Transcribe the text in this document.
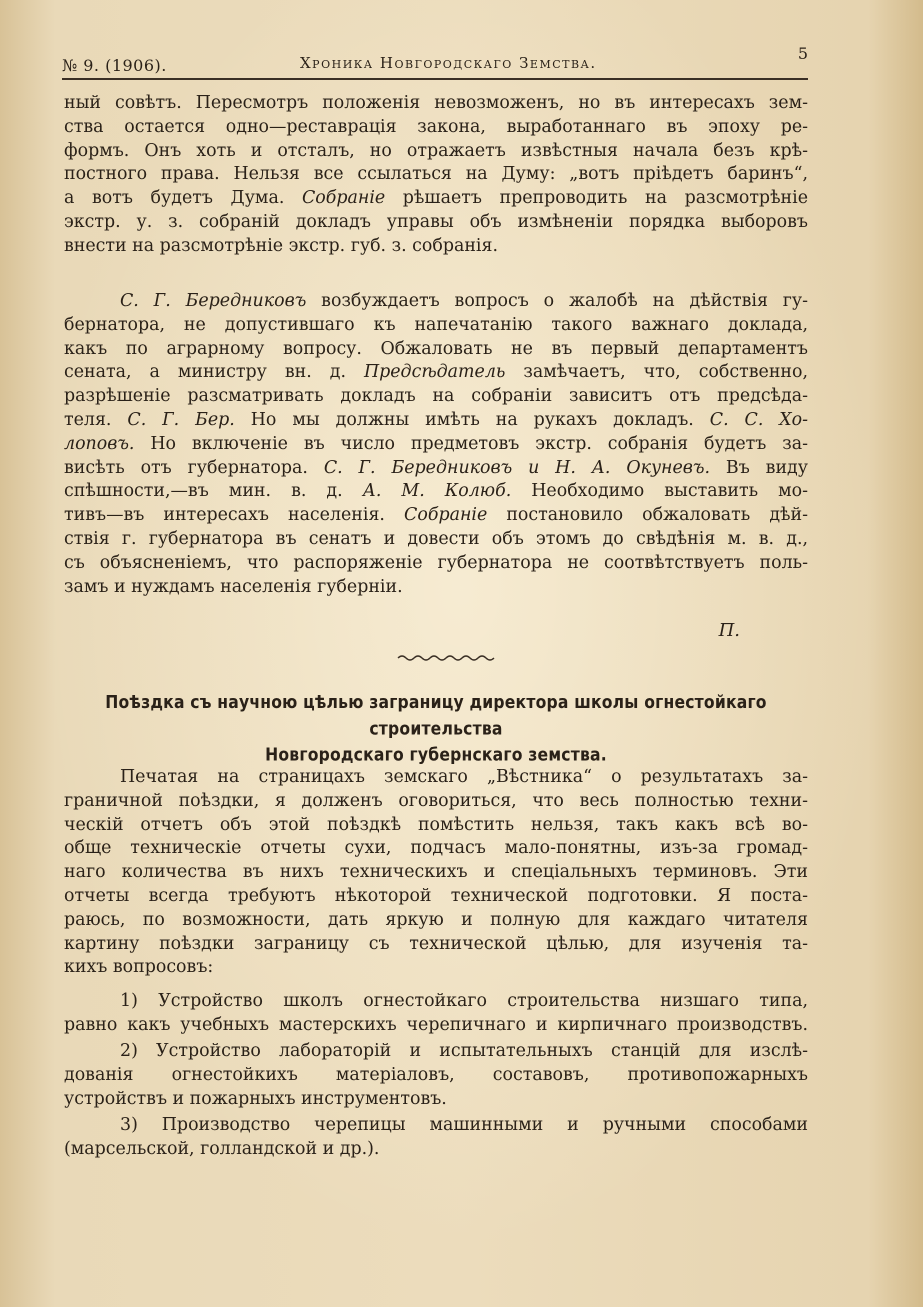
№ 9. (1906).	Хроника Новгородскаго Земства.	5
ный совѣтъ. Пересмотръ положенія невозможенъ, но въ интересахъ зем-
ства остается одно—реставрація закона, выработаннаго въ эпоху ре-
формъ. Онъ хоть и отсталъ, но отражаетъ извѣстныя начала безъ крѣ-
постного права. Нельзя все ссылаться на Думу: „вотъ пріѣдетъ баринъ“,
а вотъ будетъ Дума. Собраніе рѣшаетъ препроводить на разсмотрѣніе
экстр. у. з. собраній докладъ управы объ измѣненіи порядка выборовъ
внести на разсмотрѣніе экстр. губ. з. собранія.
С. Г. Бередниковъ возбуждаетъ вопросъ о жалобѣ на дѣйствія гу-
бернатора, не допустившаго къ напечатанію такого важнаго доклада,
какъ по аграрному вопросу. Обжаловать не въ первый департаментъ
сената, а министру вн. д. Предсѣдатель замѣчаетъ, что, собственно,
разрѣшеніе разсматривать докладъ на собраніи зависитъ отъ предсѣда-
теля. С. Г. Бер. Но мы должны имѣть на рукахъ докладъ. С. С. Хо-
лоповъ. Но включеніе въ число предметовъ экстр. собранія будетъ за-
висѣть отъ губернатора. С. Г. Бередниковъ и Н. А. Окуневъ. Въ виду
спѣшности,—въ мин. в. д. А. М. Колюб. Необходимо выставить мо-
тивъ—въ интересахъ населенія. Собраніе постановило обжаловать дѣй-
ствія г. губернатора въ сенатъ и довести объ этомъ до свѣдѣнія м. в. д.,
съ объясненіемъ, что распоряженіе губернатора не соотвѣтствуетъ поль-
замъ и нуждамъ населенія губерніи.
П.
Поѣздка съ научною цѣлью заграницу директора школы огнестойкаго строительства
Новгородскаго губернскаго земства.
Печатая на страницахъ земскаго „Вѣстника“ о результатахъ за-
граничной поѣздки, я долженъ оговориться, что весь полностью техни-
ческій отчетъ объ этой поѣздкѣ помѣстить нельзя, такъ какъ всѣ во-
обще техническіе отчеты сухи, подчасъ мало-понятны, изъ-за громад-
наго количества въ нихъ техническихъ и спеціальныхъ терминовъ. Эти
отчеты всегда требуютъ нѣкоторой технической подготовки. Я поста-
раюсь, по возможности, дать яркую и полную для каждаго читателя
картину поѣздки заграницу съ технической цѣлью, для изученія та-
кихъ вопросовъ:
1) Устройство школъ огнестойкаго строительства низшаго типа,
равно какъ учебныхъ мастерскихъ черепичнаго и кирпичнаго производствъ.
2) Устройство лабораторій и испытательныхъ станцій для изслѣ-
дованія огнестойкихъ матеріаловъ, составовъ, противопожарныхъ
устройствъ и пожарныхъ инструментовъ.
3) Производство черепицы машинными и ручными способами
(марсельской, голландской и др.).
